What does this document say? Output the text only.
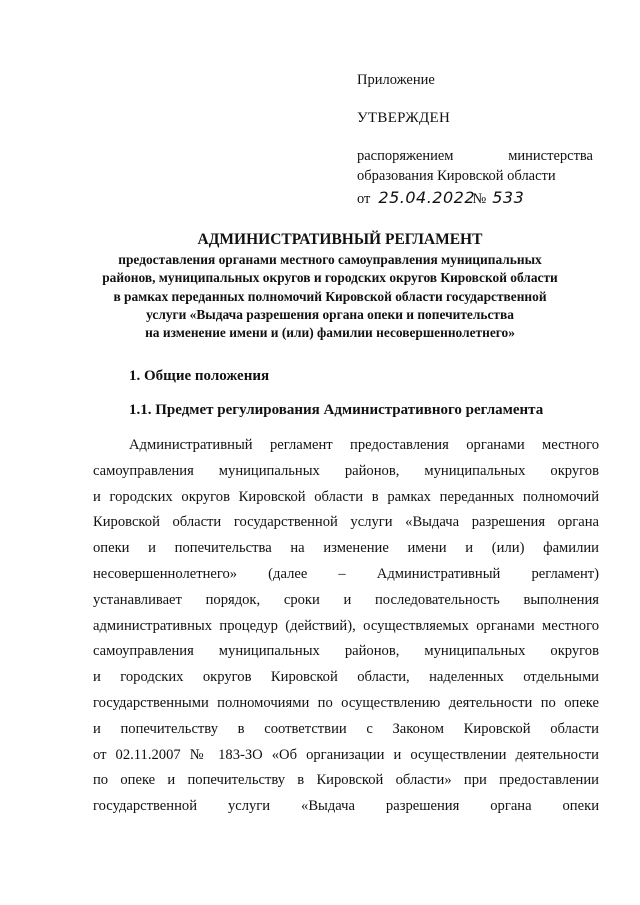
Приложение
УТВЕРЖДЕН
распоряжением	министерства
образования Кировской области
от 25.04.2022
№ 533
АДМИНИСТРАТИВНЫЙ РЕГЛАМЕНТ
предоставления органами местного самоуправления муниципальных
районов, муниципальных округов и городских округов Кировской области
в рамках переданных полномочий Кировской области государственной
услуги «Выдача разрешения органа опеки и попечительства
на изменение имени и (или) фамилии несовершеннолетнего»
1. Общие положения
1.1. Предмет регулирования Административного регламента
Административный регламент предоставления органами местного
самоуправления муниципальных районов, муниципальных округов
и городских округов Кировской области в рамках переданных полномочий
Кировской области государственной услуги «Выдача разрешения органа
опеки и попечительства на изменение имени и (или) фамилии
несовершеннолетнего» (далее – Административный регламент)
устанавливает порядок, сроки и последовательность выполнения
административных процедур (действий), осуществляемых органами местного
самоуправления муниципальных районов, муниципальных округов
и городских округов Кировской области, наделенных отдельными
государственными полномочиями по осуществлению деятельности по опеке
и попечительству в соответствии с Законом Кировской области
от 02.11.2007 № 183-ЗО «Об организации и осуществлении деятельности
по опеке и попечительству в Кировской области» при предоставлении
государственной услуги «Выдача разрешения органа опеки
